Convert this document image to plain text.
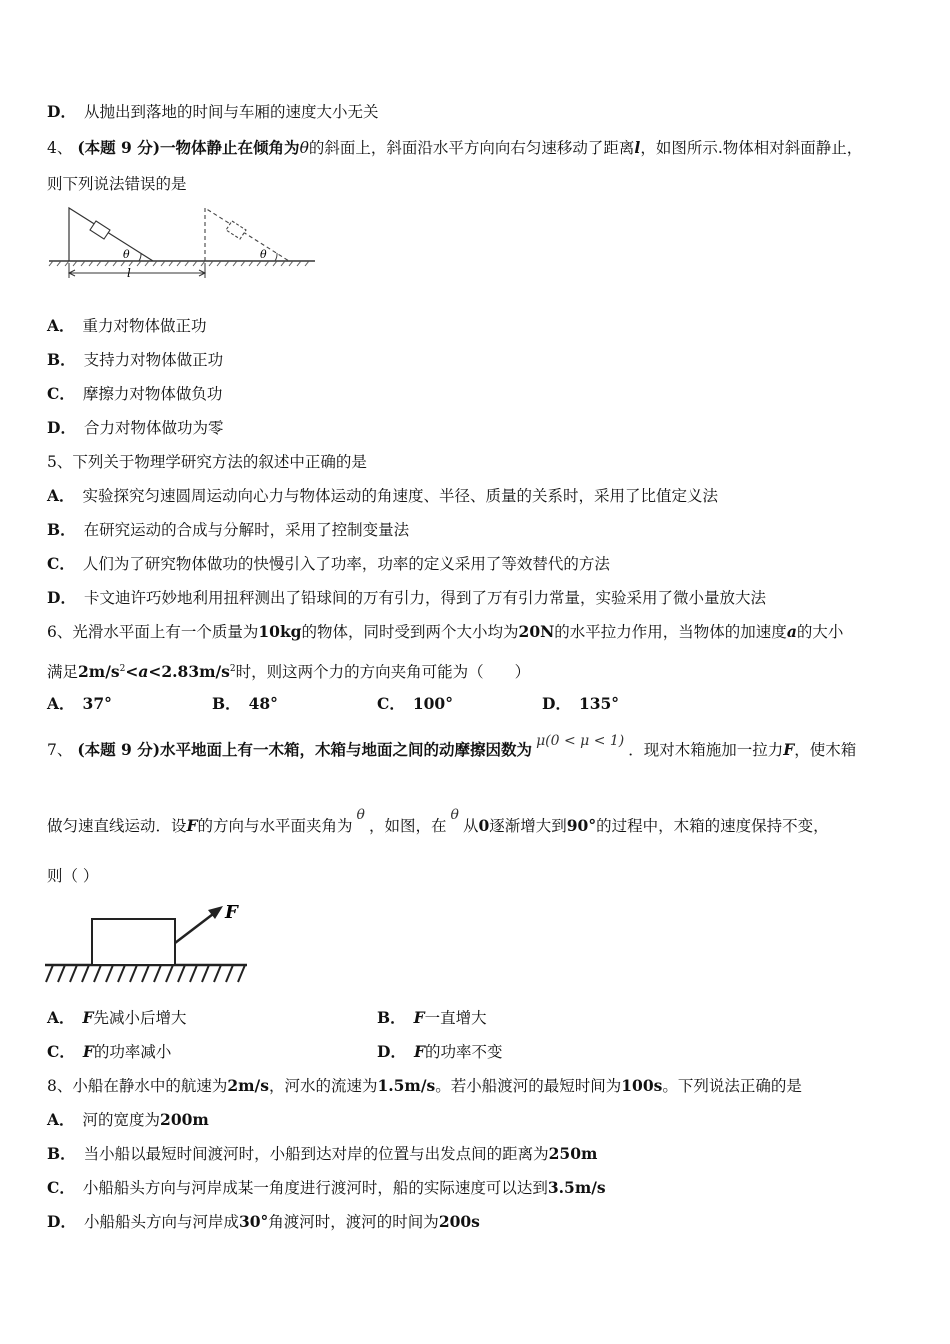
D． 从抛出到落地的时间与车厢的速度大小无关
4、 (本题 9 分)一物体静止在倾角为θ的斜面上，斜面沿水平方向向右匀速移动了距离l，如图所示.物体相对斜面静止，
则下列说法错误的是
θ	θ
l
A． 重力对物体做正功
B． 支持力对物体做正功
C． 摩擦力对物体做负功
D． 合力对物体做功为零
5、下列关于物理学研究方法的叙述中正确的是
A． 实验探究匀速圆周运动向心力与物体运动的角速度、半径、质量的关系时，采用了比值定义法
B． 在研究运动的合成与分解时，采用了控制变量法
C． 人们为了研究物体做功的快慢引入了功率，功率的定义采用了等效替代的方法
D． 卡文迪许巧妙地利用扭秤测出了铅球间的万有引力，得到了万有引力常量，实验采用了微小量放大法
6、光滑水平面上有一个质量为10kg的物体，同时受到两个大小均为20N的水平拉力作用，当物体的加速度a的大小
满足$2m/s^2<a<2.83m/s^2$时，则这两个力的方向夹角可能为（　　）
A． 37°	B． 48°	C． 100°	D． 135°
7、 (本题 9 分)水平地面上有一木箱，木箱与地面之间的动摩擦因数为 μ(0 < μ < 1) ．现对木箱施加一拉力F，使木箱
做匀速直线运动．设F的方向与水平面夹角为θ，如图，在θ从0逐渐增大到90°的过程中，木箱的速度保持不变，
则（ ）
F
A． F先减小后增大	B． F一直增大
C． F的功率减小	D． F的功率不变
8、小船在静水中的航速为2m/s，河水的流速为1.5m/s。若小船渡河的最短时间为100s。下列说法正确的是
A． 河的宽度为200m
B． 当小船以最短时间渡河时，小船到达对岸的位置与出发点间的距离为250m
C． 小船船头方向与河岸成某一角度进行渡河时，船的实际速度可以达到3.5m/s
D． 小船船头方向与河岸成30°角渡河时，渡河的时间为200s
